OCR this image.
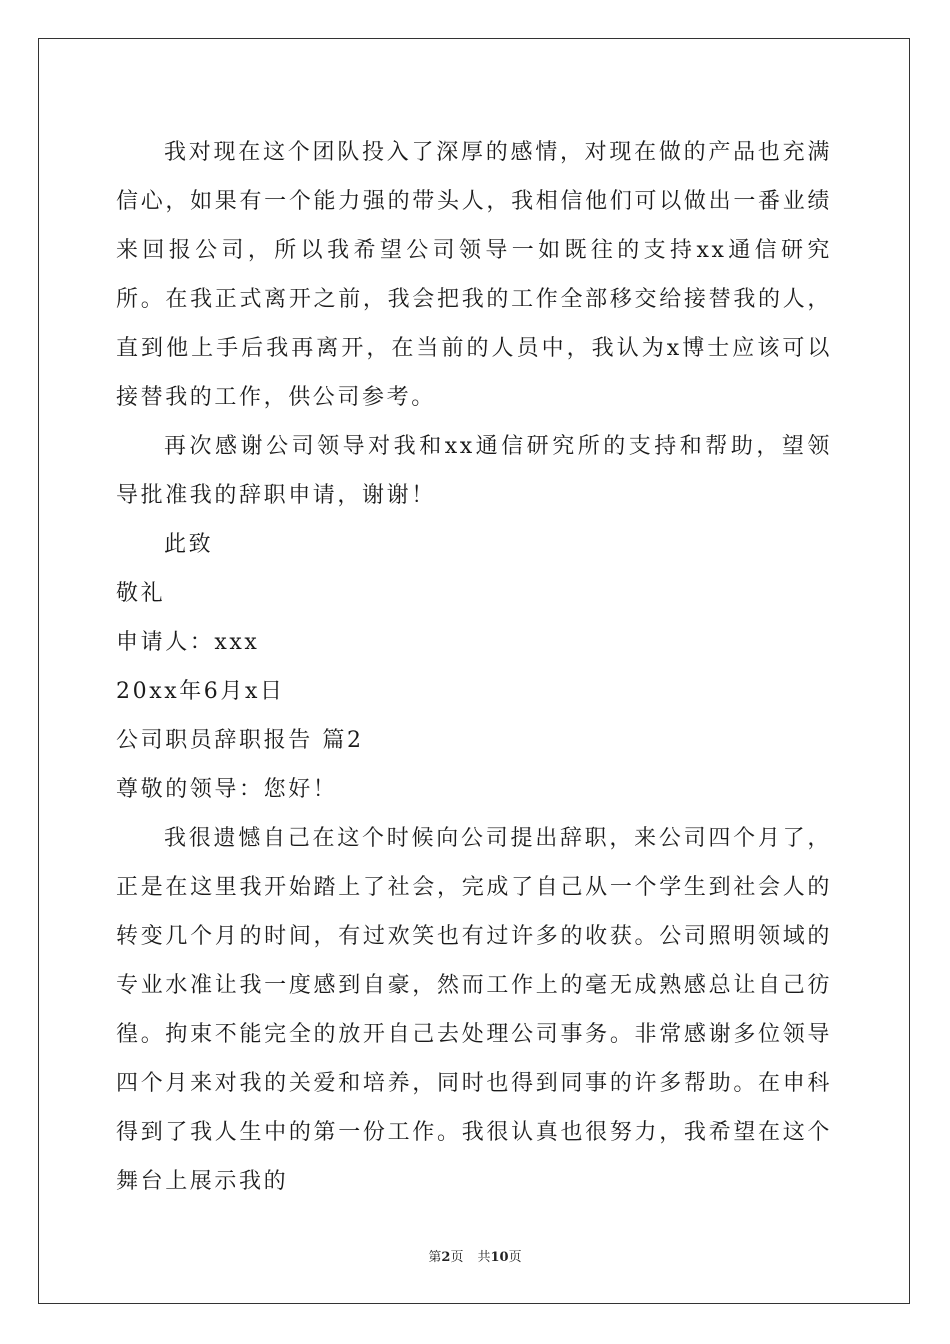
我对现在这个团队投入了深厚的感情，对现在做的产品也充满信心，如果有一个能力强的带头人，我相信他们可以做出一番业绩来回报公司，所以我希望公司领导一如既往的支持xx通信研究所。在我正式离开之前，我会把我的工作全部移交给接替我的人，直到他上手后我再离开，在当前的人员中，我认为x博士应该可以接替我的工作，供公司参考。

再次感谢公司领导对我和xx通信研究所的支持和帮助，望领导批准我的辞职申请，谢谢！

此致

敬礼

申请人：xxx

20xx年6月x日

公司职员辞职报告 篇2

尊敬的领导：您好！

我很遗憾自己在这个时候向公司提出辞职，来公司四个月了，正是在这里我开始踏上了社会，完成了自己从一个学生到社会人的转变几个月的时间，有过欢笑也有过许多的收获。公司照明领域的专业水准让我一度感到自豪，然而工作上的毫无成熟感总让自己彷徨。拘束不能完全的放开自己去处理公司事务。非常感谢多位领导四个月来对我的关爱和培养，同时也得到同事的许多帮助。在申科得到了我人生中的第一份工作。我很认真也很努力，我希望在这个舞台上展示我的

第2页 共10页
